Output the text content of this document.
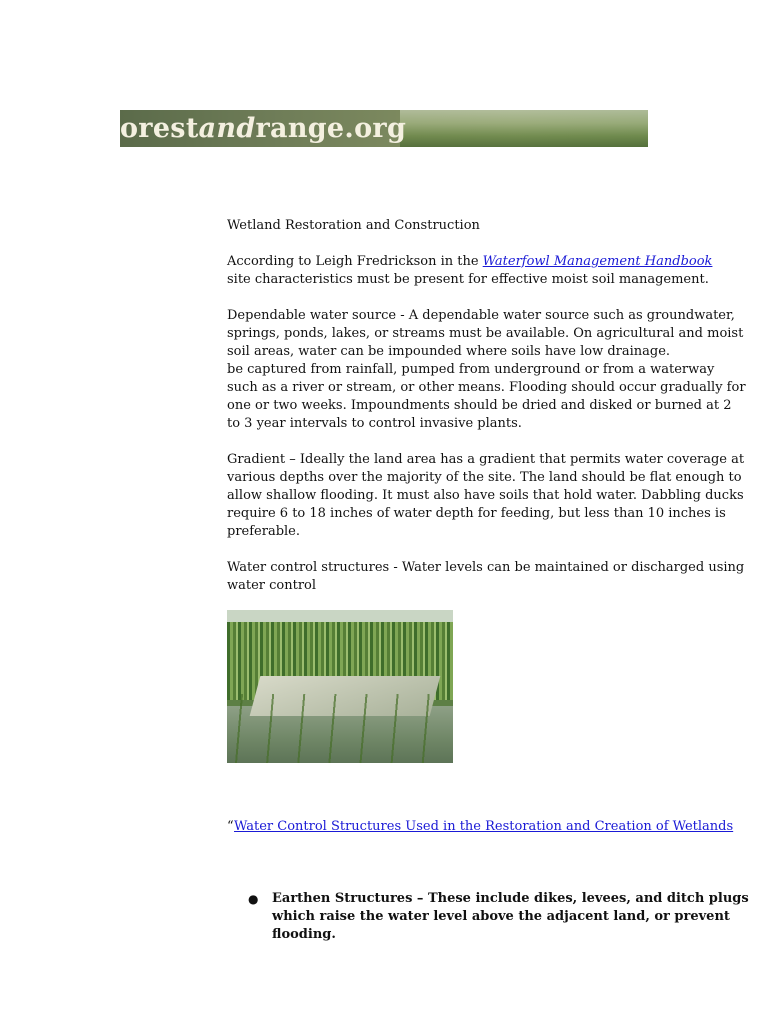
orestandrange.org

Wetland Restoration and Construction

According to Leigh Fredrickson in the Waterfowl Management Handbook
site characteristics must be present for effective moist soil management.

Dependable water source - A dependable water source such as groundwater, springs, ponds, lakes, or streams must be available. On agricultural and moist soil areas, water can be impounded where soils have low drainage.
be captured from rainfall, pumped from underground or from a waterway such as a river or stream, or other means. Flooding should occur gradually for one or two weeks. Impoundments should be dried and disked or burned at 2 to 3 year intervals to control invasive plants.

Gradient – Ideally the land area has a gradient that permits water coverage at various depths over the majority of the site. The land should be flat enough to allow shallow flooding. It must also have soils that hold water. Dabbling ducks require 6 to 18 inches of water depth for feeding, but less than 10 inches is preferable.

Water control structures - Water levels can be maintained or discharged using water control

“Water Control Structures Used in the Restoration and Creation of Wetlands
● Earthen Structures – These include dikes, levees, and ditch plugs which raise the water level above the adjacent land, or prevent flooding.
